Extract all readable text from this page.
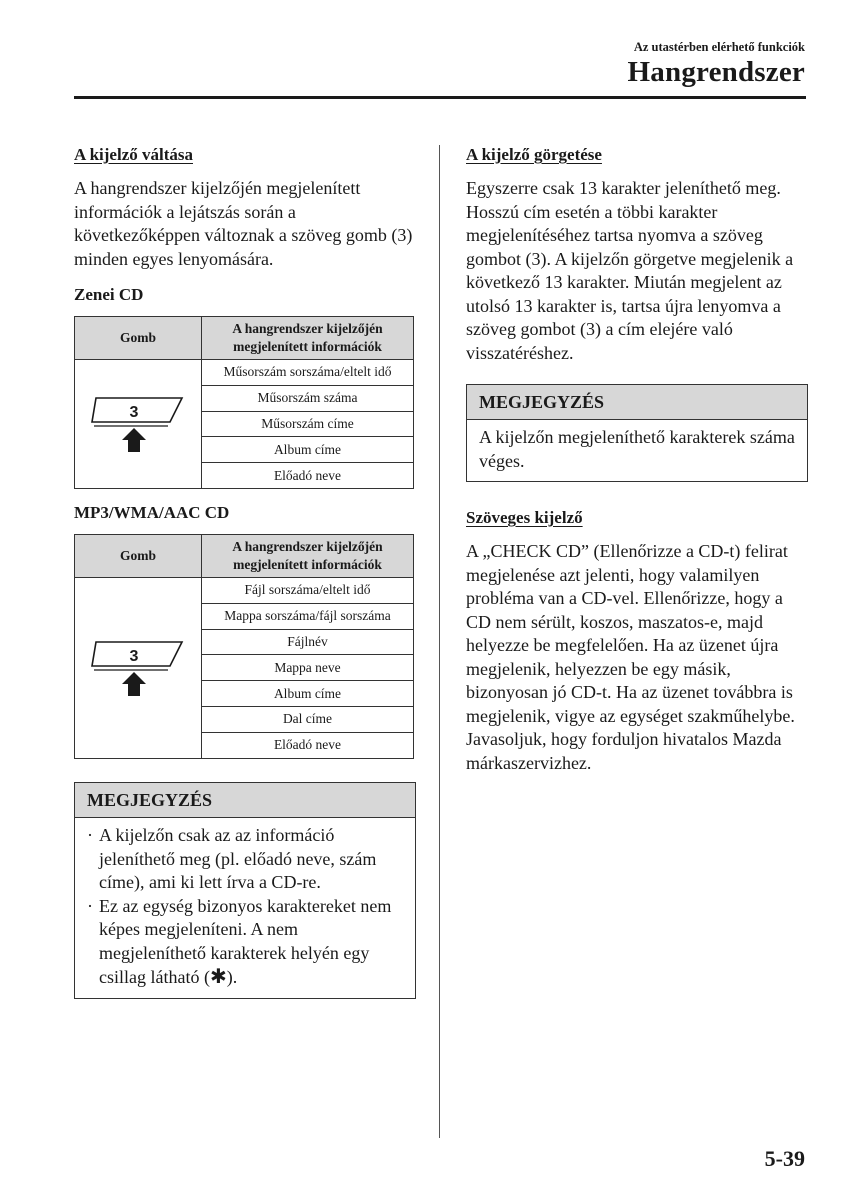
Az utastérben elérhető funkciók
Hangrendszer
A kijelző váltása

A hangrendszer kijelzőjén megjelenített információk a lejátszás során a következőképpen változnak a szöveg gomb (3) minden egyes lenyomására.

Zenei CD
Gomb	A hangrendszer kijelzőjén megjelenített információk

3	Műsorszám sorszáma/eltelt idő
	Műsorszám száma
	Műsorszám címe
	Album címe
	Előadó neve
MP3/WMA/AAC CD
Gomb	A hangrendszer kijelzőjén megjelenített információk

3	Fájl sorszáma/eltelt idő
	Mappa sorszáma/fájl sorszáma
	Fájlnév
	Mappa neve
	Album címe
	Dal címe
	Előadó neve
MEGJEGYZÉS
· A kijelzőn csak az az információ jeleníthető meg (pl. előadó neve, szám címe), ami ki lett írva a CD-re.
· Ez az egység bizonyos karaktereket nem képes megjeleníteni. A nem megjeleníthető karakterek helyén egy csillag látható (✱).
A kijelző görgetése

Egyszerre csak 13 karakter jeleníthető meg. Hosszú cím esetén a többi karakter megjelenítéséhez tartsa nyomva a szöveg gombot (3). A kijelzőn görgetve megjelenik a következő 13 karakter. Miután megjelent az utolsó 13 karakter is, tartsa újra lenyomva a szöveg gombot (3) a cím elejére való visszatéréshez.

MEGJEGYZÉS
A kijelzőn megjeleníthető karakterek száma véges.
Szöveges kijelző

A „CHECK CD” (Ellenőrizze a CD-t) felirat megjelenése azt jelenti, hogy valamilyen probléma van a CD-vel. Ellenőrizze, hogy a CD nem sérült, koszos, maszatos-e, majd helyezze be megfelelően. Ha az üzenet újra megjelenik, helyezzen be egy másik, bizonyosan jó CD-t. Ha az üzenet továbbra is megjelenik, vigye az egységet szakműhelybe. Javasoljuk, hogy forduljon hivatalos Mazda márkaszervizhez.

5-39
